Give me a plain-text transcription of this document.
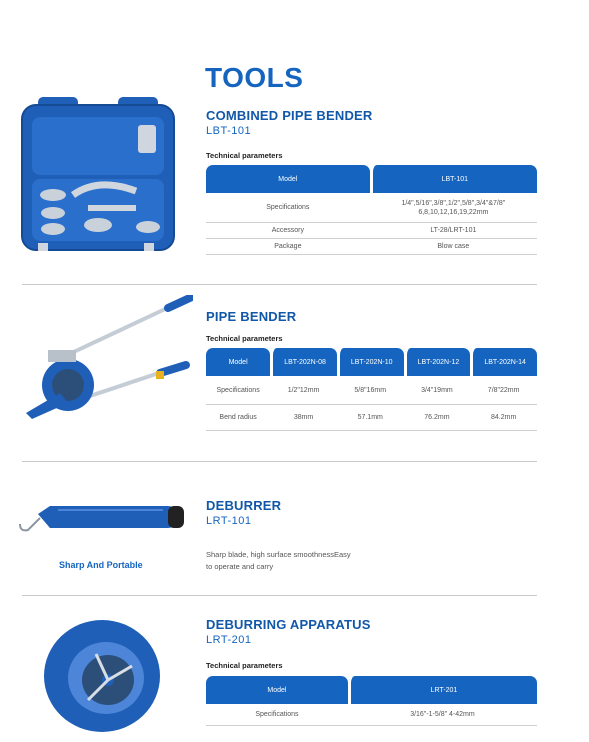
TOOLS
COMBINED PIPE BENDER
LBT-101
Technical parameters
Model	LBT-101
Specifications	1/4",5/16",3/8",1/2",5/8",3/4"&7/8"
6,8,10,12,16,19,22mm

Accessory	LT-28/LRT-101
Package	Blow case
PIPE BENDER
Technical parameters
Model	LBT-202N-08	LBT-202N-10	LBT-202N-12	LBT-202N-14
Specifications	1/2"12mm	5/8"16mm	3/4"19mm	7/8"22mm
Bend radius	38mm	57.1mm	76.2mm	84.2mm
Sharp And Portable
DEBURRER
LRT-101
Sharp blade, high surface smoothnessEasy
to operate and carry
DEBURRING APPARATUS
LRT-201
Technical parameters
Model	LRT-201
Specifications	3/16"-1-5/8" 4-42mm
